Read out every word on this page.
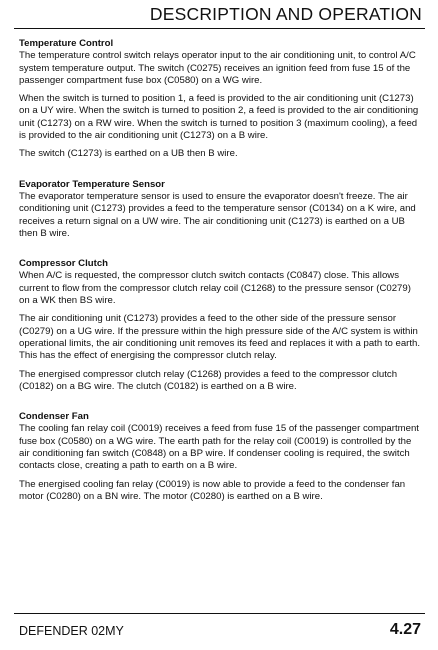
DESCRIPTION AND OPERATION

Temperature Control

The temperature control switch relays operator input to the air conditioning unit, to control A/C system temperature output. The switch (C0275) receives an ignition feed from fuse 15 of the passenger compartment fuse box (C0580) on a WG wire.

When the switch is turned to position 1, a feed is provided to the air conditioning unit (C1273) on a UY wire. When the switch is turned to position 2, a feed is provided to the air conditioning unit (C1273) on a RW wire. When the switch is turned to position 3 (maximum cooling), a feed is provided to the air conditioning unit (C1273) on a B wire.

The switch (C1273) is earthed on a UB then B wire.

Evaporator Temperature Sensor

The evaporator temperature sensor is used to ensure the evaporator doesn't freeze. The air conditioning unit (C1273) provides a feed to the temperature sensor (C0134) on a K wire, and receives a return signal on a UW wire. The air conditioning unit (C1273) is earthed on a UB then B wire.

Compressor Clutch

When A/C is requested, the compressor clutch switch contacts (C0847) close. This allows current to flow from the compressor clutch relay coil (C1268) to the pressure sensor (C0279) on a WK then BS wire.

The air conditioning unit (C1273) provides a feed to the other side of the pressure sensor (C0279) on a UG wire. If the pressure within the high pressure side of the A/C system is within operational limits, the air conditioning unit removes its feed and replaces it with a path to earth. This has the effect of energising the compressor clutch relay.

The energised compressor clutch relay (C1268) provides a feed to the compressor clutch (C0182) on a BG wire. The clutch (C0182) is earthed on a B wire.

Condenser Fan

The cooling fan relay coil (C0019) receives a feed from fuse 15 of the passenger compartment fuse box (C0580) on a WG wire. The earth path for the relay coil (C0019) is controlled by the air conditioning fan switch (C0848) on a BP wire. If condenser cooling is required, the switch contacts close, creating a path to earth on a B wire.

The energised cooling fan relay (C0019) is now able to provide a feed to the condenser fan motor (C0280) on a BN wire. The motor (C0280) is earthed on a B wire.

DEFENDER 02MY	4.27
